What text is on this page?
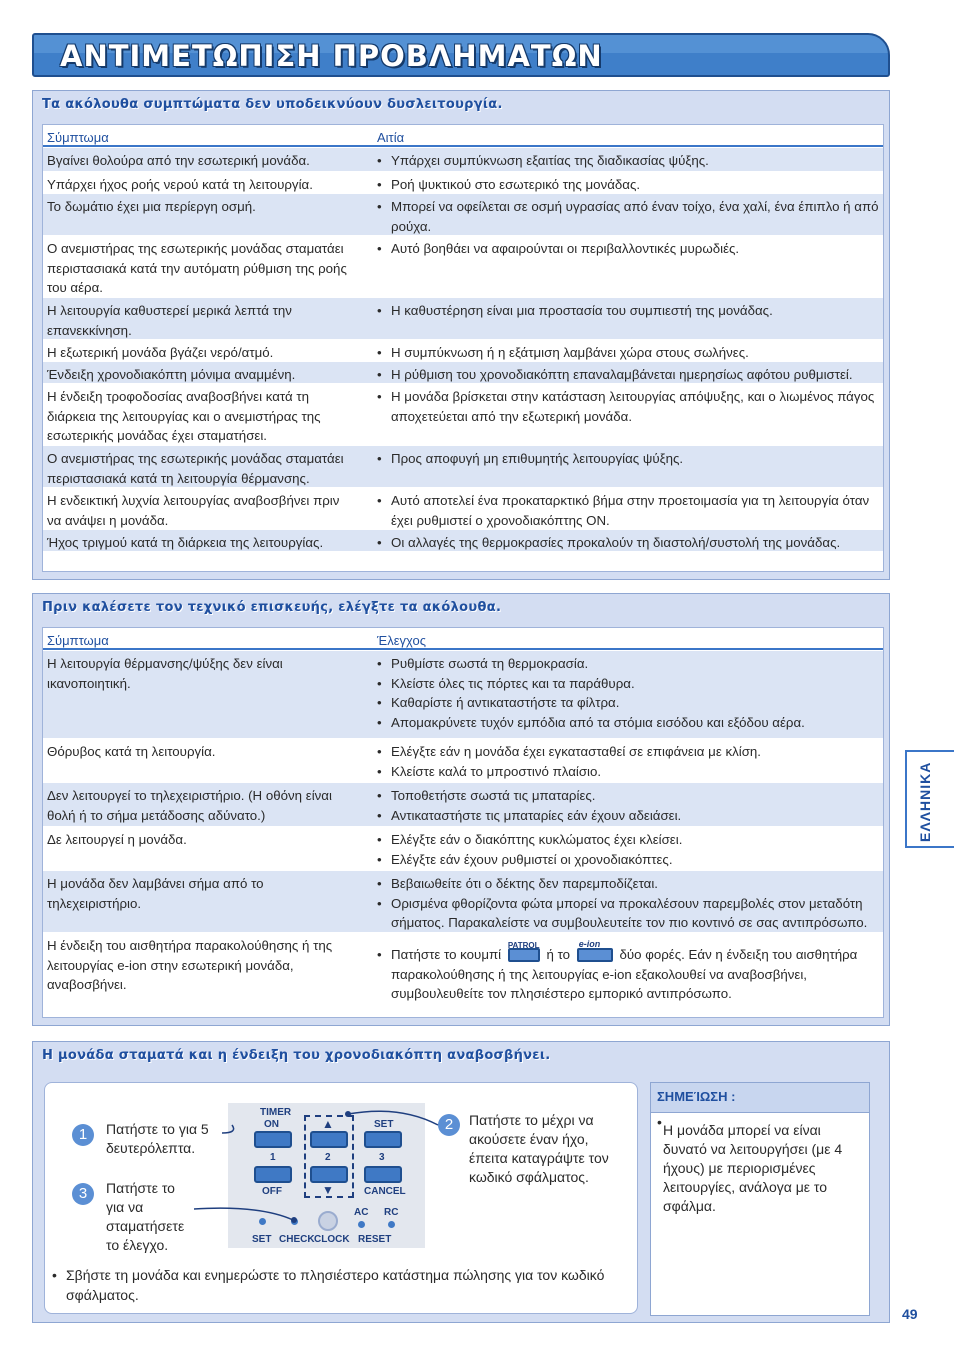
ΑΝΤΙΜΕΤΩΠΙΣΗ ΠΡΟΒΛΗΜΑΤΩΝ
Τα ακόλουθα συμπτώματα δεν υποδεικνύουν δυσλειτουργία.
Σύμπτωμα	Αιτία
Βγαίνει θολούρα από την εσωτερική μονάδα.	• Υπάρχει συμπύκνωση εξαιτίας της διαδικασίας ψύξης.
Υπάρχει ήχος ροής νερού κατά τη λειτουργία.	• Ροή ψυκτικού στο εσωτερικό της μονάδας.
Το δωμάτιο έχει μια περίεργη οσμή.	• Μπορεί να οφείλεται σε οσμή υγρασίας από έναν τοίχο, ένα χαλί, ένα έπιπλο ή από ρούχα.
Ο ανεμιστήρας της εσωτερικής μονάδας σταματάει περιστασιακά κατά την αυτόματη ρύθμιση της ροής του αέρα.
• Αυτό βοηθάει να αφαιρούνται οι περιβαλλοντικές μυρωδιές.
Η λειτουργία καθυστερεί μερικά λεπτά την επανεκκίνηση.
• Η καθυστέρηση είναι μια προστασία του συμπιεστή της μονάδας.
Η εξωτερική μονάδα βγάζει νερό/ατμό.	• Η συμπύκνωση ή η εξάτμιση λαμβάνει χώρα στους σωλήνες.
Ένδειξη χρονοδιακόπτη μόνιμα αναμμένη.	• Η ρύθμιση του χρονοδιακόπτη επαναλαμβάνεται ημερησίως αφότου ρυθμιστεί.
Η ένδειξη τροφοδοσίας αναβοσβήνει κατά τη διάρκεια της λειτουργίας και ο ανεμιστήρας της εσωτερικής μονάδας έχει σταματήσει.
• Η μονάδα βρίσκεται στην κατάσταση λειτουργίας απόψυξης, και ο λιωμένος πάγος αποχετεύεται από την εξωτερική μονάδα.
Ο ανεμιστήρας της εσωτερικής μονάδας σταματάει περιστασιακά κατά τη λειτουργία θέρμανσης.
• Προς αποφυγή μη επιθυμητής λειτουργίας ψύξης.
Η ενδεικτική λυχνία λειτουργίας αναβοσβήνει πριν να ανάψει η μονάδα.
• Αυτό αποτελεί ένα προκαταρκτικό βήμα στην προετοιμασία για τη λειτουργία όταν έχει ρυθμιστεί ο χρονοδιακόπτης ON.
Ήχος τριγμού κατά τη διάρκεια της λειτουργίας.	• Οι αλλαγές της θερμοκρασίες προκαλούν τη διαστολή/συστολή της μονάδας.
Πριν καλέσετε τον τεχνικό επισκευής, ελέγξτε τα ακόλουθα.
Σύμπτωμα	Έλεγχος
Η λειτουργία θέρμανσης/ψύξης δεν είναι ικανοποιητική.
• Ρυθμίστε σωστά τη θερμοκρασία.
• Κλείστε όλες τις πόρτες και τα παράθυρα.
• Καθαρίστε ή αντικαταστήστε τα φίλτρα.
• Απομακρύνετε τυχόν εμπόδια από τα στόμια εισόδου και εξόδου αέρα.
Θόρυβος κατά τη λειτουργία.	• Ελέγξτε εάν η μονάδα έχει εγκατασταθεί σε επιφάνεια με κλίση.
• Κλείστε καλά το μπροστινό πλαίσιο.
Δεν λειτουργεί το τηλεχειριστήριο. (Η οθόνη είναι θολή ή το σήμα μετάδοσης αδύνατο.)
• Τοποθετήστε σωστά τις μπαταρίες.
• Αντικαταστήστε τις μπαταρίες εάν έχουν αδειάσει.
Δε λειτουργεί η μονάδα.	• Ελέγξτε εάν ο διακόπτης κυκλώματος έχει κλείσει.
• Ελέγξτε εάν έχουν ρυθμιστεί οι χρονοδιακόπτες.
Η μονάδα δεν λαμβάνει σήμα από το τηλεχειριστήριο.
• Βεβαιωθείτε ότι ο δέκτης δεν παρεμποδίζεται.
• Ορισμένα φθορίζοντα φώτα μπορεί να προκαλέσουν παρεμβολές στον μεταδότη σήματος. Παρακαλείστε να συμβουλευτείτε τον πιο κοντινό σε σας αντιπρόσωπο.
Η ένδειξη του αισθητήρα παρακολούθησης ή της λειτουργίας e-ion στην εσωτερική μονάδα, αναβοσβήνει.
• Πατήστε το κουμπί
PATROL
ή το
e-ion
δύο φορές. Εάν η ένδειξη του αισθητήρα παρακολούθησης ή της λειτουργίας e-ion εξακολουθεί να αναβοσβήνει, συμβουλευθείτε τον πλησιέστερο εμπορικό αντιπρόσωπο.
Η μονάδα σταματά και η ένδειξη του χρονοδιακόπτη αναβοσβήνει.
1	Πατήστε το για 5 δευτερόλεπτα.
3	Πατήστε το για να σταματήσετε το έλεγχο.
2	Πατήστε το μέχρι να ακούσετε έναν ήχο, έπειτα καταγράψτε τον κωδικό σφάλματος.
TIMER
ON	SET
▲
1	2	3
▼
OFF	CANCEL
AC RC
SET CHECK CLOCK RESET
• Σβήστε τη μονάδα και ενημερώστε το πλησιέστερο κατάστημα πώλησης για τον κωδικό σφάλματος.
ΣΗΜΕΊΩΣΗ :
• Η μονάδα μπορεί να είναι δυνατό να λειτουργήσει (με 4 ήχους) με περιορισμένες λειτουργίες, ανάλογα με το σφάλμα.
ΕΛΛΗΝΙΚΑ
49
